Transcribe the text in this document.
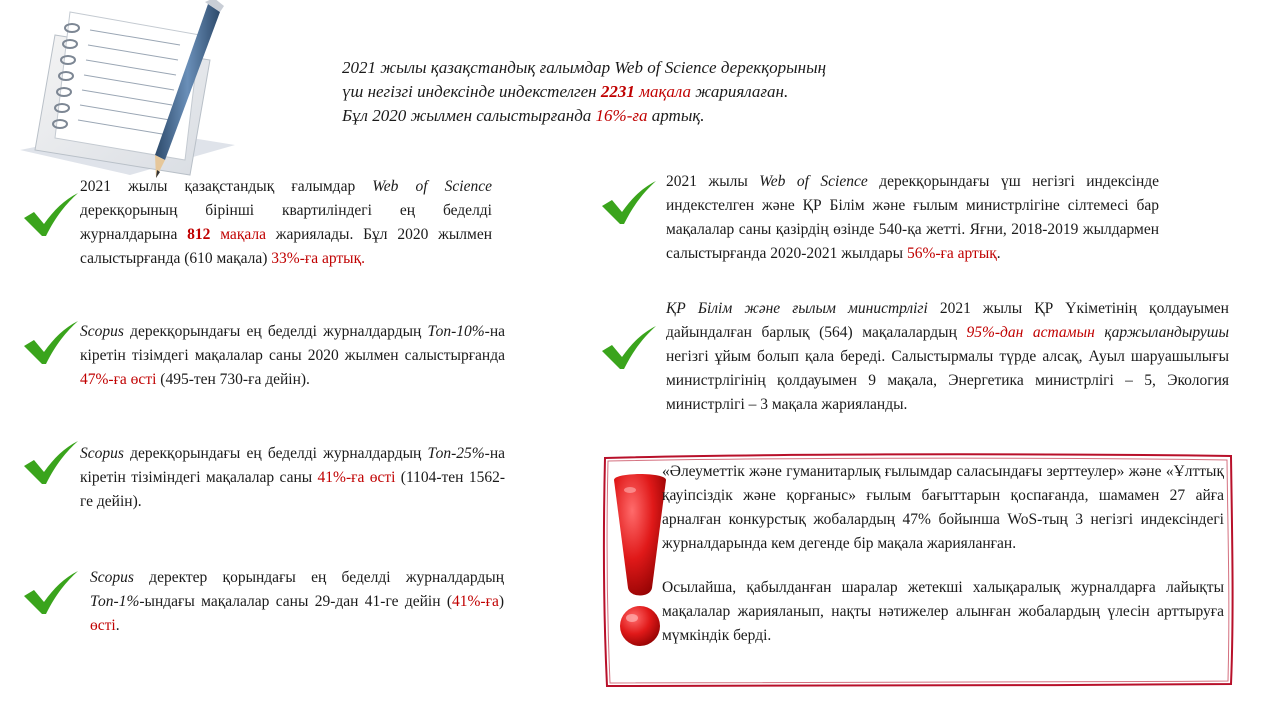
2021 жылы қазақстандық ғалымдар Web of Science дерекқорының
үш негізгі индексінде индекстелген 2231 мақала жариялаған.
Бұл 2020 жылмен салыстырғанда 16%-ға артық.
2021 жылы қазақстандық ғалымдар Web of Science дерекқорының бірінші квартиліндегі ең беделді журналдарына 812 мақала жариялады. Бұл 2020 жылмен салыстырғанда (610 мақала) 33%-ға артық.
Scopus дерекқорындағы ең беделді журналдардың Топ-10%-на кіретін тізімдегі мақалалар саны 2020 жылмен салыстырғанда 47%-ға өсті (495-тен 730-ға дейін).
Scopus дерекқорындағы ең беделді журналдардың Топ-25%-на кіретін тізіміндегі мақалалар саны 41%-ға өсті (1104-тен 1562-ге дейін).
Scopus деректер қорындағы ең беделді журналдардың Топ-1%-ындағы мақалалар саны 29-дан 41-ге дейін (41%-ға) өсті.
2021 жылы Web of Science дерекқорындағы үш негізгі индексінде индекстелген және ҚР Білім және ғылым министрлігіне сілтемесі бар мақалалар саны қазірдің өзінде 540-қа жетті. Яғни, 2018-2019 жылдармен салыстырғанда 2020-2021 жылдары 56%-ға артық.
ҚР Білім және ғылым министрлігі 2021 жылы ҚР Үкіметінің қолдауымен дайындалған барлық (564) мақалалардың 95%-дан астамын қаржыландырушы негізгі ұйым болып қала береді. Салыстырмалы түрде алсақ, Ауыл шаруашылығы министрлігінің қолдауымен 9 мақала, Энергетика министрлігі – 5, Экология министрлігі – 3 мақала жарияланды.

«Әлеуметтік және гуманитарлық ғылымдар саласындағы зерттеулер» және «Ұлттық қауіпсіздік және қорғаныс» ғылым бағыттарын қоспағанда, шамамен 27 айға арналған конкурстық жобалардың 47% бойынша WoS-тың 3 негізгі индексіндегі журналдарында кем дегенде бір мақала жарияланған.

Осылайша, қабылданған шаралар жетекші халықаралық журналдарға лайықты мақалалар жарияланып, нақты нәтижелер алынған жобалардың үлесін арттыруға мүмкіндік берді.
